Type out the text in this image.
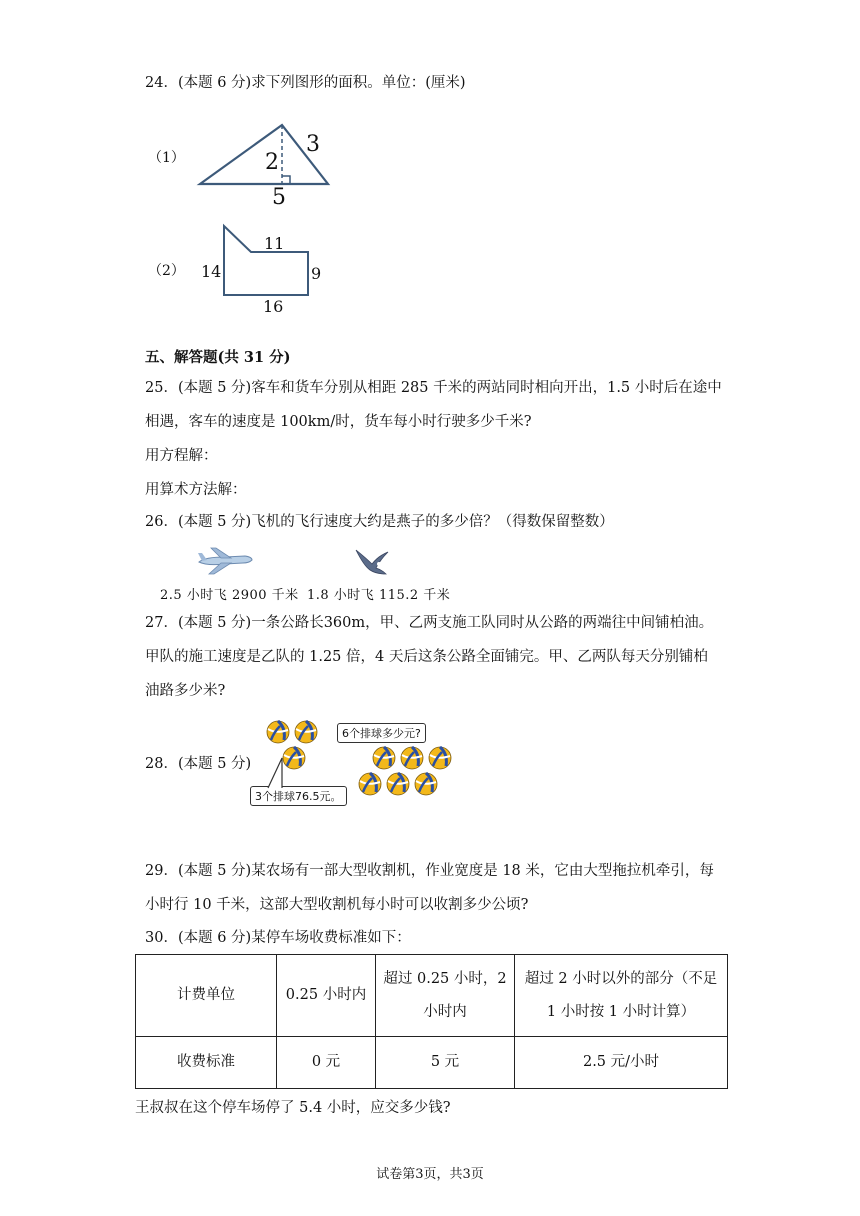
24．(本题 6 分)求下列图形的面积。单位：(厘米)
（1）	2
3
5
（2）
11
14	9
16
五、解答题(共 31 分)
25．(本题 5 分)客车和货车分别从相距 285 千米的两站同时相向开出，1.5 小时后在途中
相遇，客车的速度是 100km/时，货车每小时行驶多少千米?
用方程解：
用算术方法解：
26．(本题 5 分)飞机的飞行速度大约是燕子的多少倍？（得数保留整数）
2.5 小时飞 2900 千米 1.8 小时飞 115.2 千米
27．(本题 5 分)一条公路长360m，甲、乙两支施工队同时从公路的两端往中间铺柏油。
甲队的施工速度是乙队的 1.25 倍，4 天后这条公路全面铺完。甲、乙两队每天分别铺柏
油路多少米?
28．(本题 5 分)
6个排球多少元?
3个排球76.5元。
29．(本题 5 分)某农场有一部大型收割机，作业宽度是 18 米，它由大型拖拉机牵引，每
小时行 10 千米，这部大型收割机每小时可以收割多少公顷?
30．(本题 6 分)某停车场收费标准如下：
计费单位	0.25 小时内	超过 0.25 小时，2 小时内	超过 2 小时以外的部分（不足 1 小时按 1 小时计算）
收费标准	0 元	5 元	2.5 元/小时
王叔叔在这个停车场停了 5.4 小时，应交多少钱?
试卷第3页，共3页
